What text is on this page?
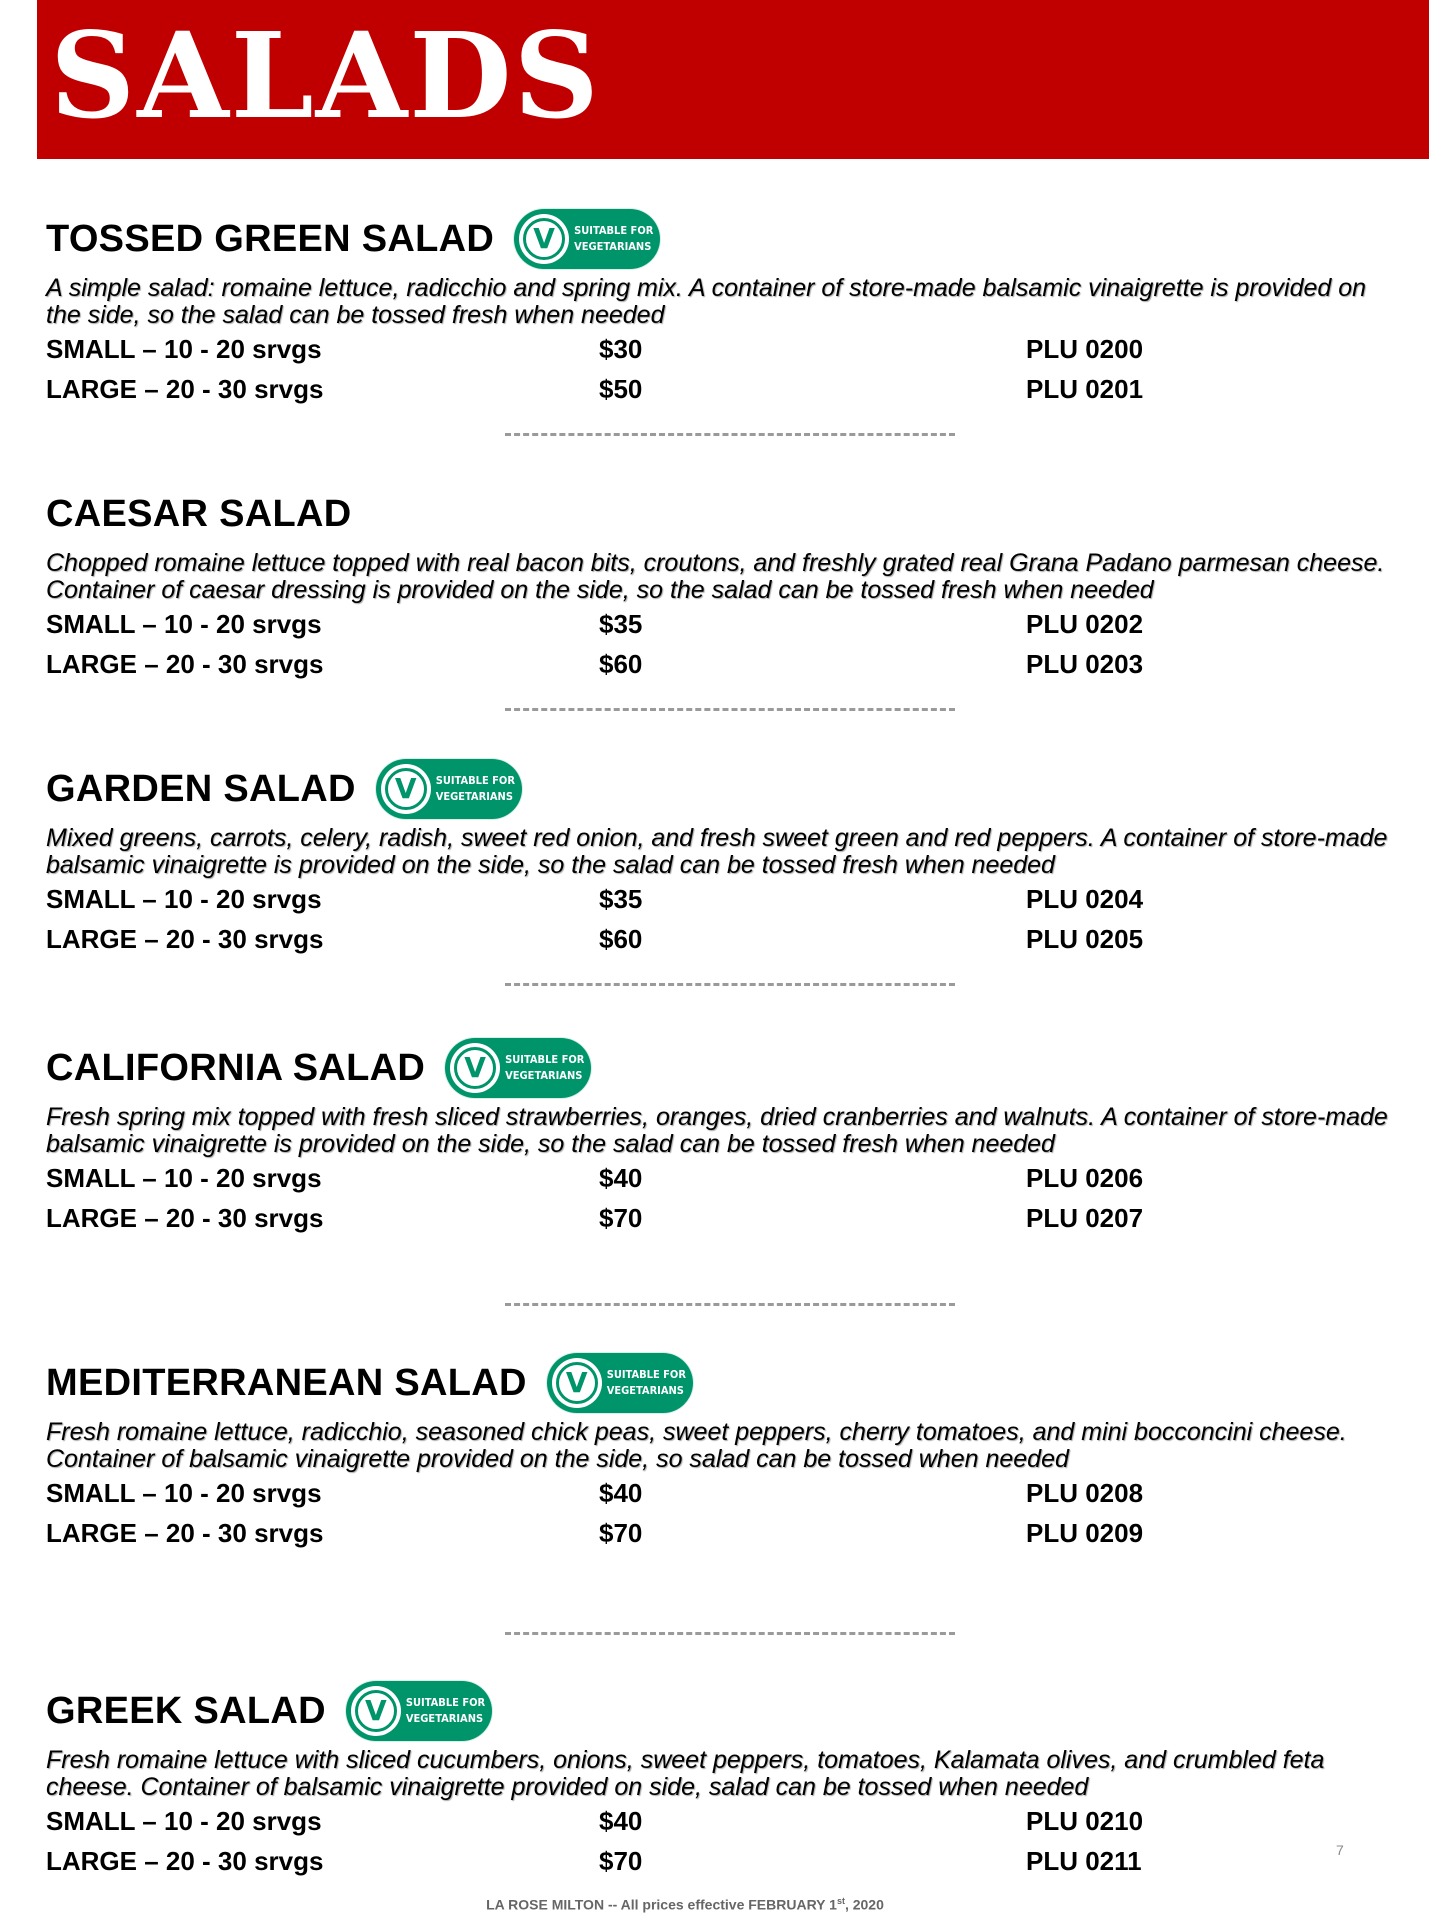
SALADS
TOSSED GREEN SALAD	V	SUITABLE FOR
VEGETARIANS
A simple salad: romaine lettuce, radicchio and spring mix. A container of store-made balsamic vinaigrette is provided on the side, so the salad can be tossed fresh when needed
SMALL – 10 - 20 srvgs	$30	PLU 0200
LARGE – 20 - 30 srvgs	$50	PLU 0201
CAESAR SALAD
Chopped romaine lettuce topped with real bacon bits, croutons, and freshly grated real Grana Padano parmesan cheese. Container of caesar dressing is provided on the side, so the salad can be tossed fresh when needed
SMALL – 10 - 20 srvgs	$35	PLU 0202
LARGE – 20 - 30 srvgs	$60	PLU 0203
GARDEN SALAD	V	SUITABLE FOR
VEGETARIANS
Mixed greens, carrots, celery, radish, sweet red onion, and fresh sweet green and red peppers. A container of store-made balsamic vinaigrette is provided on the side, so the salad can be tossed fresh when needed
SMALL – 10 - 20 srvgs	$35	PLU 0204
LARGE – 20 - 30 srvgs	$60	PLU 0205
CALIFORNIA SALAD	V	SUITABLE FOR
VEGETARIANS
Fresh spring mix topped with fresh sliced strawberries, oranges, dried cranberries and walnuts. A container of store-made balsamic vinaigrette is provided on the side, so the salad can be tossed fresh when needed
SMALL – 10 - 20 srvgs	$40	PLU 0206
LARGE – 20 - 30 srvgs	$70	PLU 0207
MEDITERRANEAN SALAD	V	SUITABLE FOR
VEGETARIANS
Fresh romaine lettuce, radicchio, seasoned chick peas, sweet peppers, cherry tomatoes, and mini bocconcini cheese. Container of balsamic vinaigrette provided on the side, so salad can be tossed when needed
SMALL – 10 - 20 srvgs	$40	PLU 0208
LARGE – 20 - 30 srvgs	$70	PLU 0209
GREEK SALAD	V	SUITABLE FOR
VEGETARIANS
Fresh romaine lettuce with sliced cucumbers, onions, sweet peppers, tomatoes, Kalamata olives, and crumbled feta cheese. Container of balsamic vinaigrette provided on side, salad can be tossed when needed
SMALL – 10 - 20 srvgs	$40	PLU 0210
LARGE – 20 - 30 srvgs	$70	PLU 0211	7
LA ROSE MILTON -- All prices effective FEBRUARY 1st, 2020
